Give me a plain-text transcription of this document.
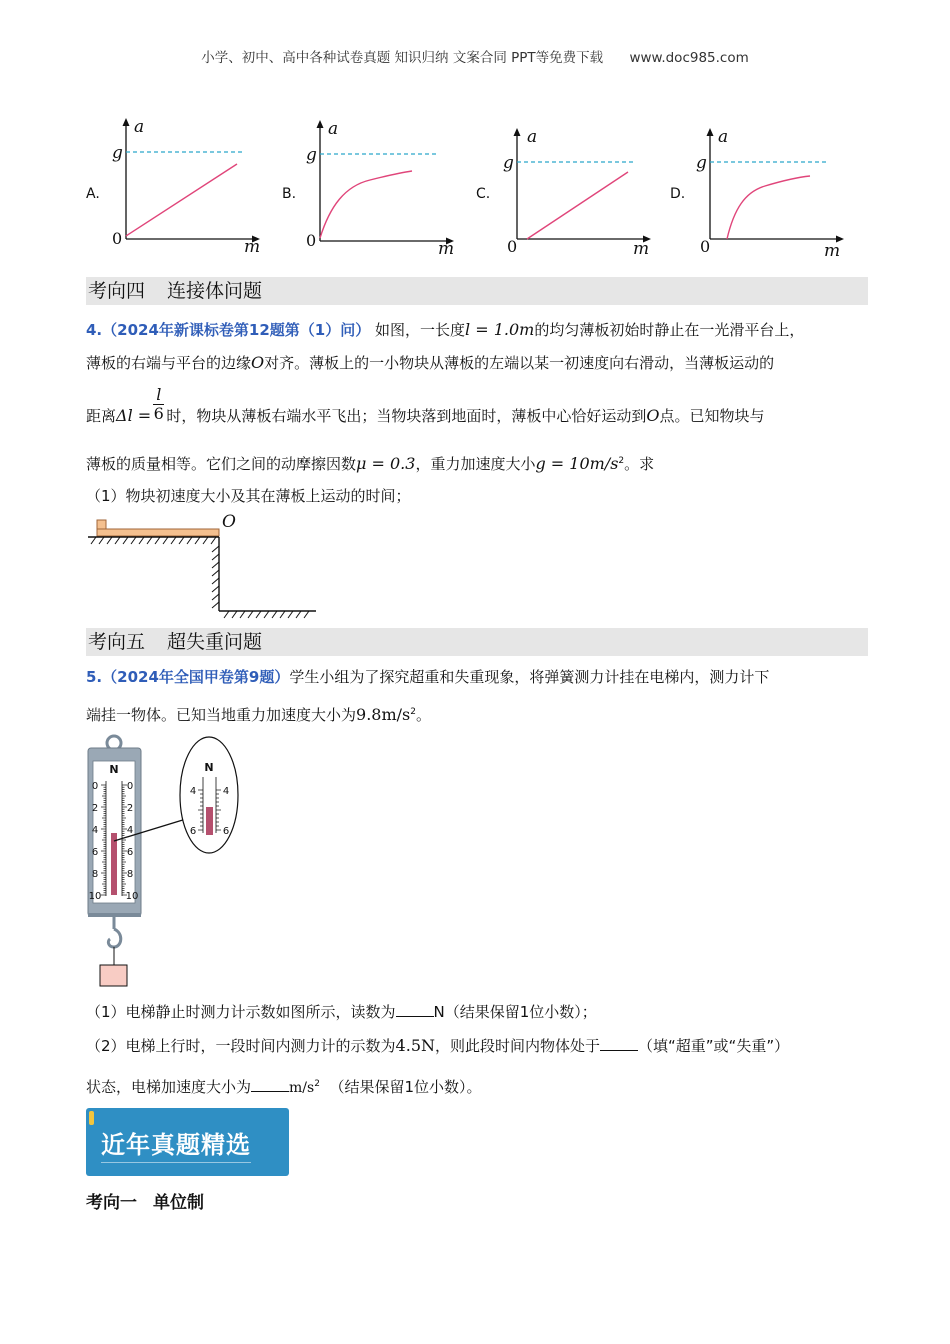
小学、初中、高中各种试卷真题 知识归纳 文案合同 PPT等免费下载 www.doc985.com
A.
a
g
0	m
B.
a
g
0	m
C.
a
g
0	m
D.
a
g
0	m
考向四 连接体问题
4.（2024年新课标卷第12题第（1）问） 如图，一长度l = 1.0m的均匀薄板初始时静止在一光滑平台上，
薄板的右端与平台的边缘O对齐。薄板上的一小物块从薄板的左端以某一初速度向右滑动，当薄板运动的
距离$\Delta l = \frac{l}{6}$ 时，物块从薄板右端水平飞出；当物块落到地面时，薄板中心恰好运动到O点。已知物块与
薄板的质量相等。它们之间的动摩擦因数μ = 0.3，重力加速度大小$g = 10m/s^2$。求
（1）物块初速度大小及其在薄板上运动的时间；
O
考向五 超失重问题
5.（2024年全国甲卷第9题）学生小组为了探究超重和失重现象，将弹簧测力计挂在电梯内，测力计下
端挂一物体。已知当地重力加速度大小为$9.8m/s^2$。
N
0	0
2	2
4	4
6	6
8	8
10 10
N
4	4
6	6
（1）电梯静止时测力计示数如图所示，读数为	N（结果保留1位小数）；
（2）电梯上行时，一段时间内测力计的示数为4.5N，则此段时间内物体处于	（填“超重”或“失重”）
状态，电梯加速度大小为	$m/s^2$ （结果保留1位小数）。
近年真题精选
考向一 单位制
